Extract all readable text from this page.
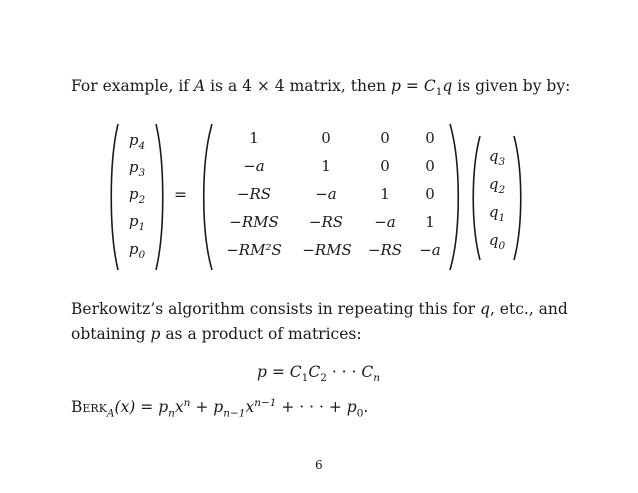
For example, if A is a 4 × 4 matrix, then $p = C_1q$ is given by by:
$p_4$
$p_3$
$p_2$
$p_1$
$p_0$
=
1	0	0	0
−a	1	0	0
−RS	−a	1	0
−RMS	−RS	−a	1
−RM²S	−RMS	−RS	−a
$q_3$
$q_2$
$q_1$
$q_0$
Berkowitz’s algorithm consists in repeating this for q, etc., and
obtaining p as a product of matrices:
$p = C_1C_2$ · · · $C_n$
Berk$_A$(x) = $p_nx^n + p_{n-1}x^{n-1}$ + · · · + $p_0$.
6
